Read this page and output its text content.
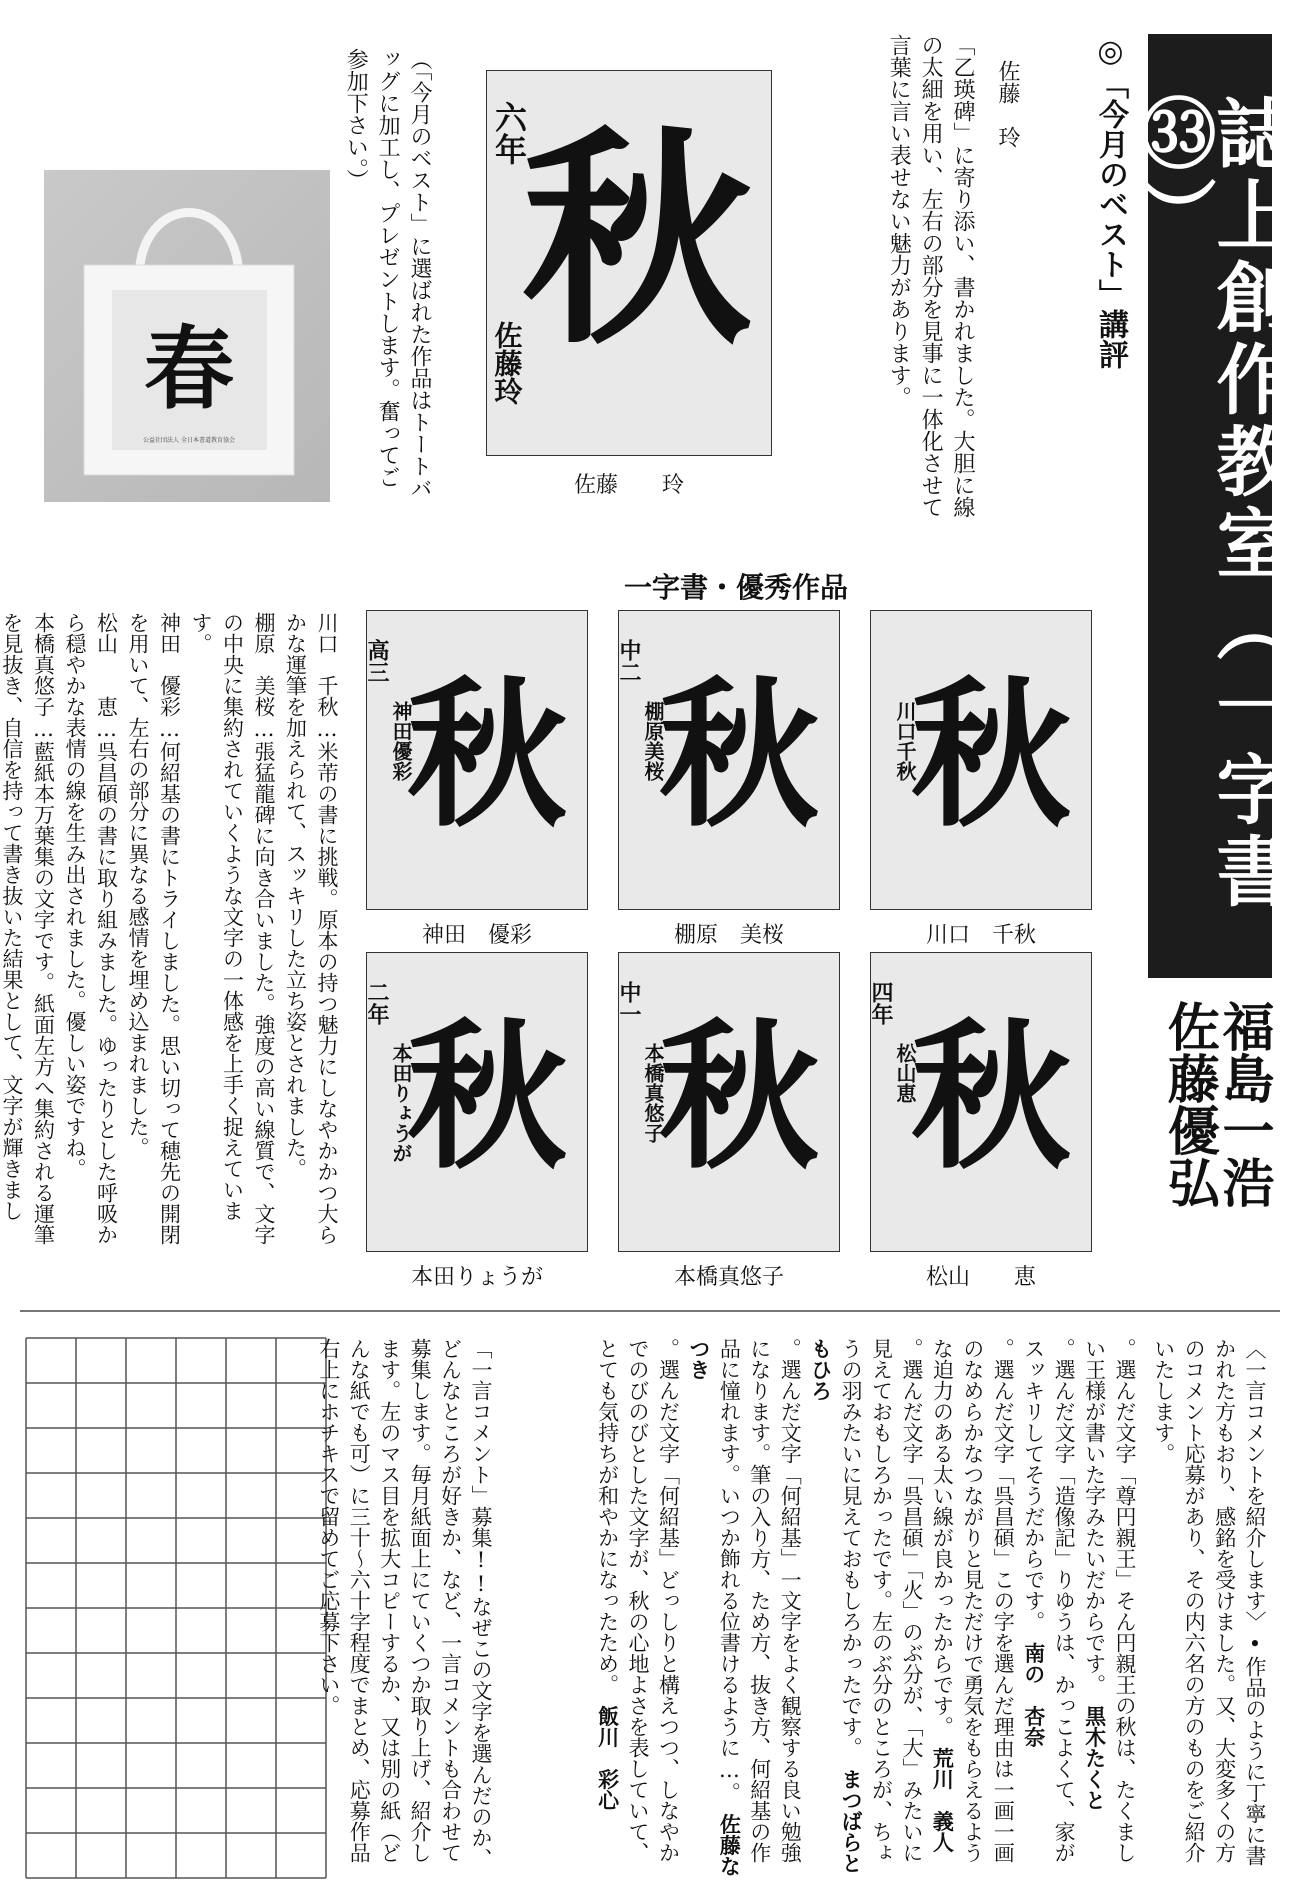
誌上創作教室（一字書㉝）
福島一浩 佐藤優弘
◎「今月のベスト」講評
佐藤　玲
「乙瑛碑」に寄り添い、書かれました。大胆に線の太細を用い、左右の部分を見事に一体化させて言葉に言い表せない魅力があります。
六年
秋
佐藤玲
佐藤　　玲
春
公益社団法人 全日本書道教育協会	（「今月のベスト」に選ばれた作品はトートバッグに加工し、プレゼントします。奮ってご参加下さい。）
一字書・優秀作品
高三 秋
神田優彩
神田　優彩
中二 秋
棚原美桜
棚原　美桜
秋
川口千秋
川口　千秋
二年 秋
本田りょうが
本田りょうが
中一 秋
本橋真悠子
本橋真悠子
四年 秋
松山恵
松山　　恵
川口　千秋…米芾の書に挑戦。原本の持つ魅力にしなやかかつ大らかな運筆を加えられて、スッキリした立ち姿とされました。
棚原　美桜…張猛龍碑に向き合いました。強度の高い線質で、文字の中央に集約されていくような文字の一体感を上手く捉えています。
神田　優彩…何紹基の書にトライしました。思い切って穂先の開閉を用いて、左右の部分に異なる感情を埋め込まれました。
松山　　恵…呉昌碩の書に取り組みました。ゆったりとした呼吸から穏やかな表情の線を生み出されました。優しい姿ですね。
本橋真悠子…藍紙本万葉集の文字です。紙面左方へ集約される運筆を見抜き、自信を持って書き抜いた結果として、文字が輝きまし
「一言コメント」募集!!なぜこの文字を選んだのか、どんなところが好きか、など、一言コメントも合わせて募集します。毎月紙面上にていくつか取り上げ、紹介します。左のマス目を拡大コピーするか、又は別の紙（どんな紙でも可）に三十〜六十字程度でまとめ、応募作品右上にホチキスで留めてご応募下さい。	。選んだ文字「尊円親王」そん円親王の秋は、たくましい王様が書いた字みたいだからです。　黒木たくと
。選んだ文字「造像記」りゆうは、かっこよくて、家がスッキリしてそうだからです。　南の　杏奈
。選んだ文字「呉昌碩」この字を選んだ理由は一画一画のなめらかなつながりと見ただけで勇気をもらえるような迫力のある太い線が良かったからです。　荒川　義人
。選んだ文字「呉昌碩」「火」のぶ分が、「大」みたいに見えておもしろかったです。左のぶ分のところが、ちょうの羽みたいに見えておもしろかったです。　まつばらともひろ
。選んだ文字「何紹基」一文字をよく観察する良い勉強になります。筆の入り方、ため方、抜き方、何紹基の作品に憧れます。いつか飾れる位書けるように…。　佐藤なつき
。選んだ文字「何紹基」どっしりと構えつつ、しなやかでのびのびとした文字が、秋の心地よさを表していて、とても気持ちが和やかになったため。　飯川　彩心	〈一言コメントを紹介します〉•作品のように丁寧に書かれた方もおり、感銘を受けました。又、大変多くの方のコメント応募があり、その内六名の方のものをご紹介いたします。
